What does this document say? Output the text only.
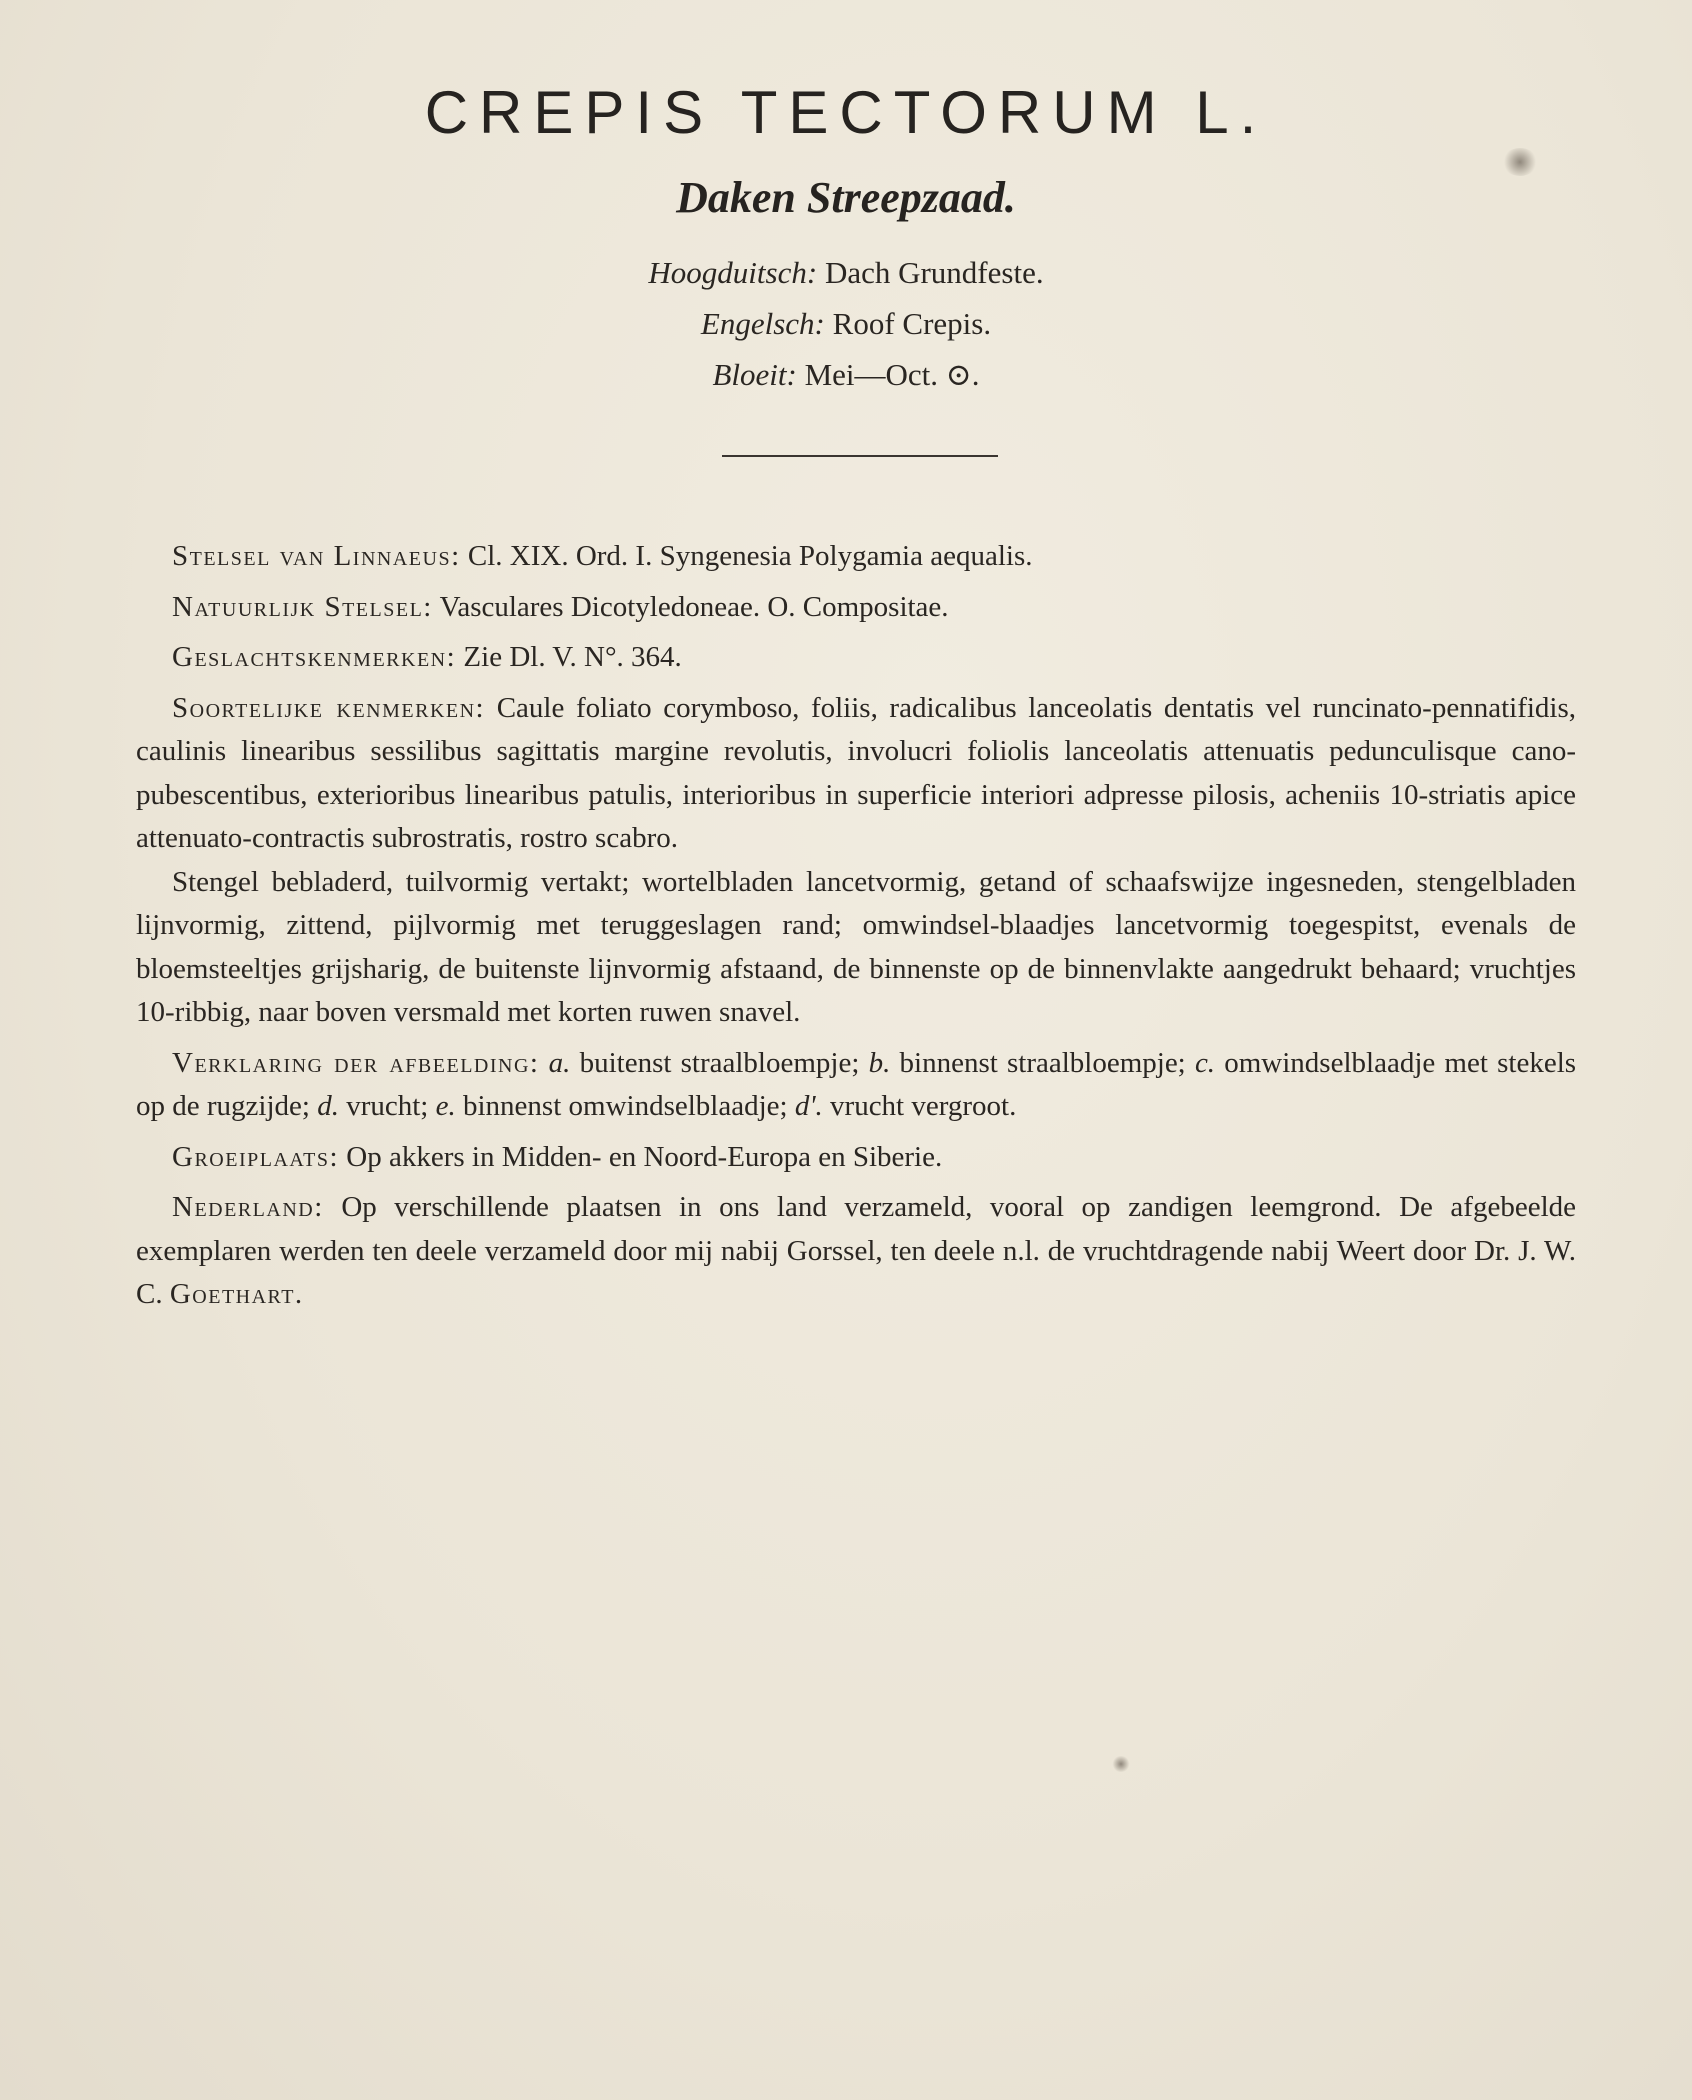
CREPIS TECTORUM L.
Daken Streepzaad.
Hoogduitsch: Dach Grundfeste.
Engelsch: Roof Crepis.
Bloeit: Mei—Oct. ⊙.

Stelsel van Linnaeus: Cl. XIX. Ord. I. Syngenesia Polygamia aequalis.

Natuurlijk Stelsel: Vasculares Dicotyledoneae. O. Compositae.

Geslachtskenmerken: Zie Dl. V. N°. 364.

Soortelijke kenmerken: Caule foliato corymboso, foliis, radicalibus lanceolatis dentatis vel runcinato-pennatifidis, caulinis linearibus sessilibus sagittatis margine revolutis, involucri foliolis lanceolatis attenuatis pedunculisque cano-pubescentibus, exterioribus linearibus patulis, interioribus in superficie interiori adpresse pilosis, acheniis 10-striatis apice attenuato-contractis subrostratis, rostro scabro.

Stengel bebladerd, tuilvormig vertakt; wortelbladen lancetvormig, getand of schaafswijze ingesneden, stengelbladen lijnvormig, zittend, pijlvormig met teruggeslagen rand; omwindsel-blaadjes lancetvormig toegespitst, evenals de bloemsteeltjes grijsharig, de buitenste lijnvormig afstaand, de binnenste op de binnenvlakte aangedrukt behaard; vruchtjes 10-ribbig, naar boven versmald met korten ruwen snavel.

Verklaring der afbeelding: a. buitenst straalbloempje; b. binnenst straalbloempje; c. omwindselblaadje met stekels op de rugzijde; d. vrucht; e. binnenst omwindselblaadje; d'. vrucht vergroot.

Groeiplaats: Op akkers in Midden- en Noord-Europa en Siberie.

Nederland: Op verschillende plaatsen in ons land verzameld, vooral op zandigen leemgrond. De afgebeelde exemplaren werden ten deele verzameld door mij nabij Gorssel, ten deele n.l. de vruchtdragende nabij Weert door Dr. J. W. C. Goethart.
